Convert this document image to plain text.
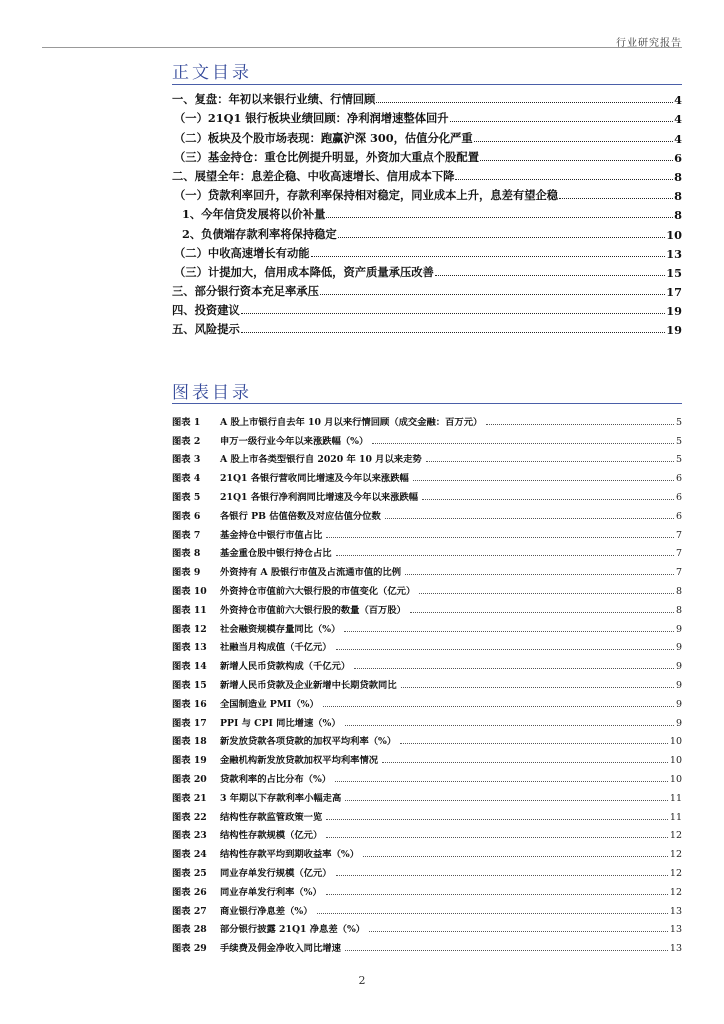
行业研究报告
正文目录
一、复盘：年初以来银行业绩、行情回顾	4
（一）21Q1 银行板块业绩回顾：净利润增速整体回升	4
（二）板块及个股市场表现：跑赢沪深 300，估值分化严重	4
（三）基金持仓：重仓比例提升明显，外资加大重点个股配置	6
二、展望全年：息差企稳、中收高速增长、信用成本下降	8
（一）贷款利率回升，存款利率保持相对稳定，同业成本上升，息差有望企稳	8
1、今年信贷发展将以价补量	8
2、负债端存款利率将保持稳定	10
（二）中收高速增长有动能	13
（三）计提加大，信用成本降低，资产质量承压改善	15
三、部分银行资本充足率承压	17
四、投资建议	19
五、风险提示	19
图表目录
图表 1	A 股上市银行自去年 10 月以来行情回顾（成交金融：百万元）	5
图表 2	申万一级行业今年以来涨跌幅（%）	5
图表 3	A 股上市各类型银行自 2020 年 10 月以来走势	5
图表 4	21Q1 各银行营收同比增速及今年以来涨跌幅	6
图表 5	21Q1 各银行净利润同比增速及今年以来涨跌幅	6
图表 6	各银行 PB 估值倍数及对应估值分位数	6
图表 7	基金持仓中银行市值占比	7
图表 8	基金重仓股中银行持仓占比	7
图表 9	外资持有 A 股银行市值及占流通市值的比例	7
图表 10	外资持仓市值前六大银行股的市值变化（亿元）	8
图表 11	外资持仓市值前六大银行股的数量（百万股）	8
图表 12	社会融资规模存量同比（%）	9
图表 13	社融当月构成值（千亿元）	9
图表 14	新增人民币贷款构成（千亿元）	9
图表 15	新增人民币贷款及企业新增中长期贷款同比	9
图表 16	全国制造业 PMI（%）	9
图表 17	PPI 与 CPI 同比增速（%）	9
图表 18	新发放贷款各项贷款的加权平均利率（%）	10
图表 19	金融机构新发放贷款加权平均利率情况	10
图表 20	贷款利率的占比分布（%）	10
图表 21	3 年期以下存款利率小幅走高	11
图表 22	结构性存款监管政策一览	11
图表 23	结构性存款规模（亿元）	12
图表 24	结构性存款平均到期收益率（%）	12
图表 25	同业存单发行规模（亿元）	12
图表 26	同业存单发行利率（%）	12
图表 27	商业银行净息差（%）	13
图表 28	部分银行披露 21Q1 净息差（%）	13
图表 29	手续费及佣金净收入同比增速	13
2
